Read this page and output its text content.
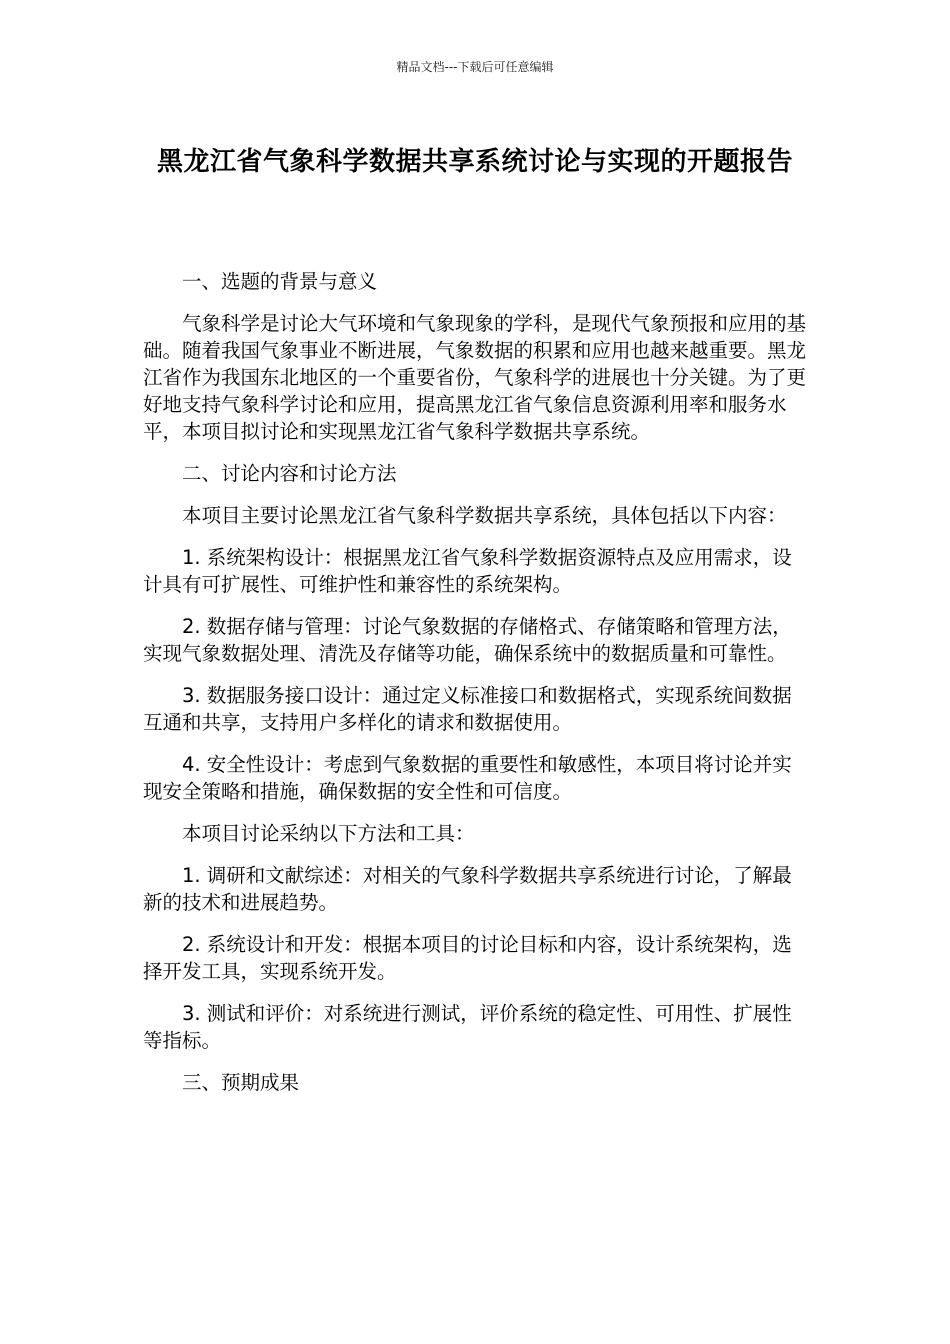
精品文档---下载后可任意编辑
黑龙江省气象科学数据共享系统讨论与实现的开题报告

一、选题的背景与意义

气象科学是讨论大气环境和气象现象的学科，是现代气象预报和应用的基础。随着我国气象事业不断进展，气象数据的积累和应用也越来越重要。黑龙江省作为我国东北地区的一个重要省份，气象科学的进展也十分关键。为了更好地支持气象科学讨论和应用，提高黑龙江省气象信息资源利用率和服务水平，本项目拟讨论和实现黑龙江省气象科学数据共享系统。

二、讨论内容和讨论方法

本项目主要讨论黑龙江省气象科学数据共享系统，具体包括以下内容：

1. 系统架构设计：根据黑龙江省气象科学数据资源特点及应用需求，设计具有可扩展性、可维护性和兼容性的系统架构。

2. 数据存储与管理：讨论气象数据的存储格式、存储策略和管理方法，实现气象数据处理、清洗及存储等功能，确保系统中的数据质量和可靠性。

3. 数据服务接口设计：通过定义标准接口和数据格式，实现系统间数据互通和共享，支持用户多样化的请求和数据使用。

4. 安全性设计：考虑到气象数据的重要性和敏感性，本项目将讨论并实现安全策略和措施，确保数据的安全性和可信度。

本项目讨论采纳以下方法和工具：

1. 调研和文献综述：对相关的气象科学数据共享系统进行讨论，了解最新的技术和进展趋势。

2. 系统设计和开发：根据本项目的讨论目标和内容，设计系统架构，选择开发工具，实现系统开发。

3. 测试和评价：对系统进行测试，评价系统的稳定性、可用性、扩展性等指标。

三、预期成果
